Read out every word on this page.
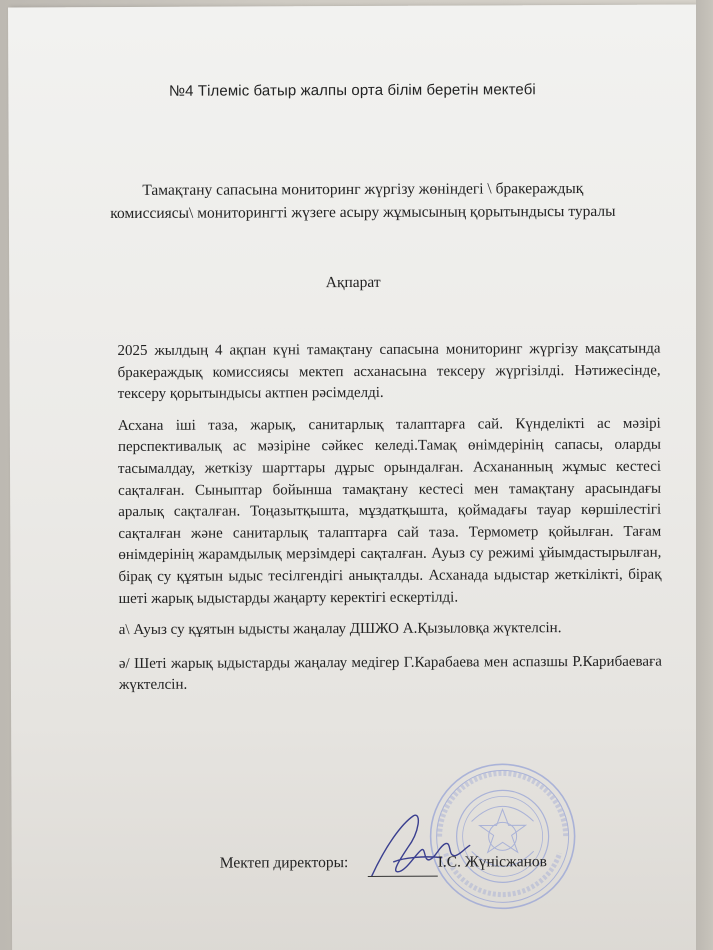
№4 Тілеміс батыр жалпы орта білім беретін мектебі
Тамақтану сапасына мониторинг жүргізу жөніндегі \ бракераждық
комиссиясы\ мониторингті жүзеге асыру жұмысының қорытындысы туралы
Ақпарат

2025 жылдың 4 ақпан күні тамақтану сапасына мониторинг жүргізу мақсатында бракераждық комиссиясы мектеп асханасына тексеру жүргізілді. Нәтижесінде, тексеру қорытындысы актпен рәсімделді.

Асхана іші таза, жарық, санитарлық талаптарға сай. Күнделікті ас мәзірі перспективалық ас мәзіріне сәйкес келеді.Тамақ өнімдерінің сапасы, оларды тасымалдау, жеткізу шарттары дұрыс орындалған. Асхананның жұмыс кестесі сақталған. Сыныптар бойынша тамақтану кестесі мен тамақтану арасындағы аралық сақталған. Тоңазытқышта, мұздатқышта, қоймадағы тауар көршілестігі сақталған және санитарлық талаптарға сай таза. Термометр қойылған. Тағам өнімдерінің жарамдылық мерзімдері сақталған. Ауыз су режимі ұйымдастырылған, бірақ су құятын ыдыс тесілгендігі анықталды. Асханада ыдыстар жеткілікті, бірақ шеті жарық ыдыстарды жаңарту керектігі ескертілді.

а\ Ауыз су құятын ыдысты жаңалау ДШЖО А.Қызыловқа жүктелсін.

ә/ Шеті жарық ыдыстарды жаңалау медігер Г.Карабаева мен аспазшы Р.Карибаеваға жүктелсін.

Мектеп директоры:	І.С. Жүнісжанов
